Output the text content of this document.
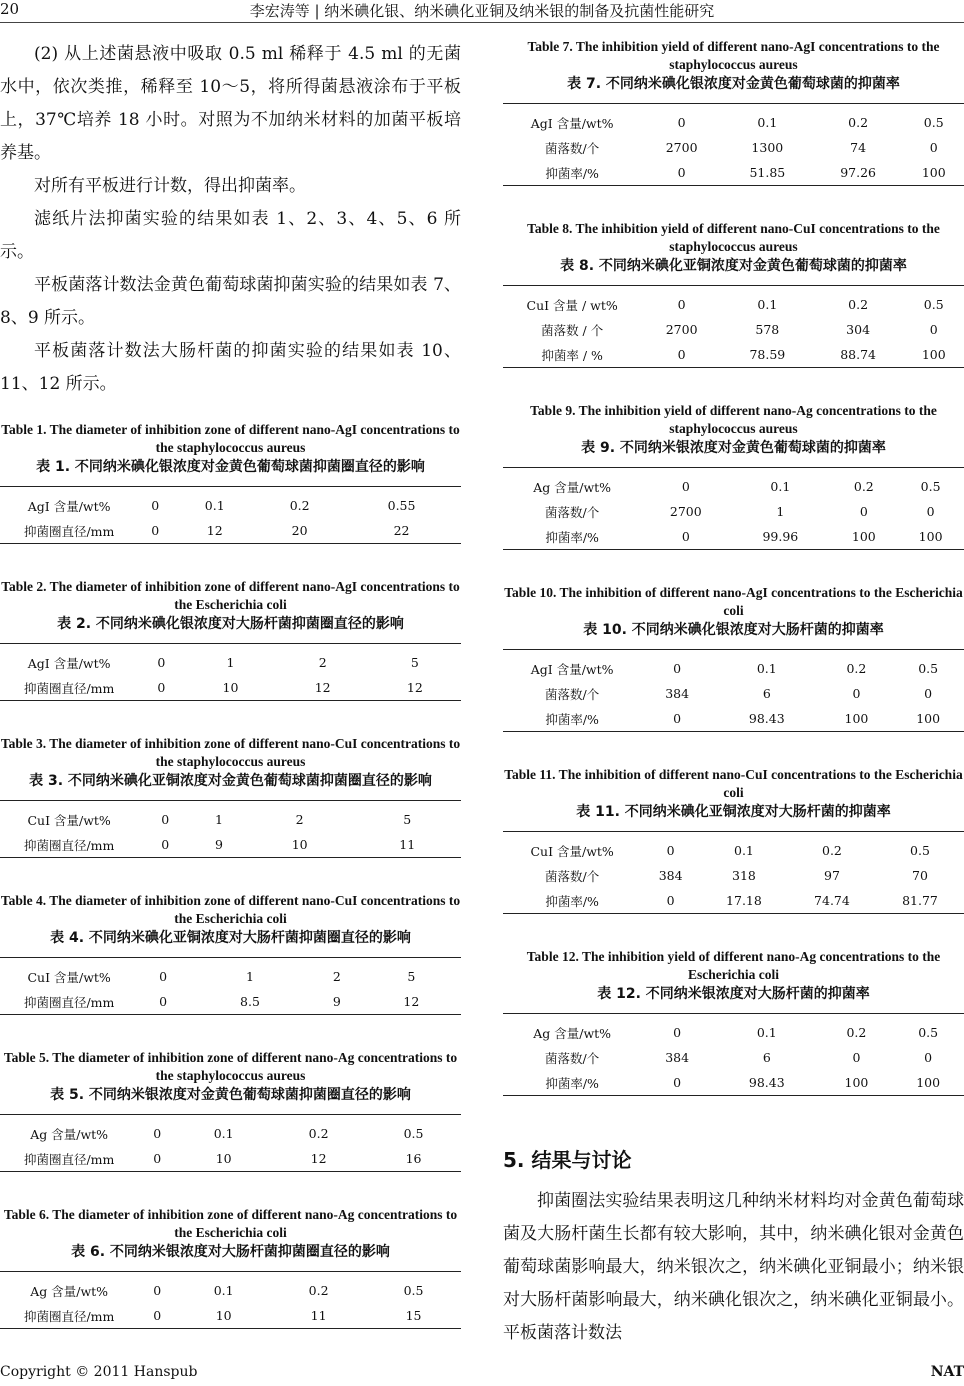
20	李宏涛等 | 纳米碘化银、纳米碘化亚铜及纳米银的制备及抗菌性能研究

(2) 从上述菌悬液中吸取 0.5 ml 稀释于 4.5 ml 的无菌水中，依次类推，稀释至 10～5，将所得菌悬液涂布于平板上，37℃培养 18 小时。对照为不加纳米材料的加菌平板培养基。

对所有平板进行计数，得出抑菌率。

滤纸片法抑菌实验的结果如表 1、2、3、4、5、6 所示。

平板菌落计数法金黄色葡萄球菌抑菌实验的结果如表 7、8、9 所示。

平板菌落计数法大肠杆菌的抑菌实验的结果如表 10、11、12 所示。

Table 1. The diameter of inhibition zone of different nano-AgI concentrations to the staphylococcus aureus
表 1. 不同纳米碘化银浓度对金黄色葡萄球菌抑菌圈直径的影响
AgI 含量/wt%	0	0.1	0.2	0.55
抑菌圈直径/mm	0	12	20	22
Table 2. The diameter of inhibition zone of different nano-AgI concentrations to the Escherichia coli
表 2. 不同纳米碘化银浓度对大肠杆菌抑菌圈直径的影响
AgI 含量/wt%	0	1	2	5
抑菌圈直径/mm	0	10	12	12
Table 3. The diameter of inhibition zone of different nano-CuI concentrations to the staphylococcus aureus
表 3. 不同纳米碘化亚铜浓度对金黄色葡萄球菌抑菌圈直径的影响
CuI 含量/wt%	0	1	2	5
抑菌圈直径/mm	0	9	10	11
Table 4. The diameter of inhibition zone of different nano-CuI concentrations to the Escherichia coli
表 4. 不同纳米碘化亚铜浓度对大肠杆菌抑菌圈直径的影响
CuI 含量/wt%	0	1	2	5
抑菌圈直径/mm	0	8.5	9	12
Table 5. The diameter of inhibition zone of different nano-Ag concentrations to the staphylococcus aureus
表 5. 不同纳米银浓度对金黄色葡萄球菌抑菌圈直径的影响
Ag 含量/wt%	0	0.1	0.2	0.5
抑菌圈直径/mm	0	10	12	16
Table 6. The diameter of inhibition zone of different nano-Ag concentrations to the Escherichia coli
表 6. 不同纳米银浓度对大肠杆菌抑菌圈直径的影响
Ag 含量/wt%	0	0.1	0.2	0.5
抑菌圈直径/mm	0	10	11	15
Table 7. The inhibition yield of different nano-AgI concentrations to the staphylococcus aureus
表 7. 不同纳米碘化银浓度对金黄色葡萄球菌的抑菌率
AgI 含量/wt%	0	0.1	0.2	0.5
菌落数/个	2700	1300	74	0
抑菌率/%	0	51.85	97.26	100
Table 8. The inhibition yield of different nano-CuI concentrations to the staphylococcus aureus
表 8. 不同纳米碘化亚铜浓度对金黄色葡萄球菌的抑菌率
CuI 含量 / wt%	0	0.1	0.2	0.5
菌落数 / 个	2700	578	304	0
抑菌率 / %	0	78.59	88.74	100
Table 9. The inhibition yield of different nano-Ag concentrations to the staphylococcus aureus
表 9. 不同纳米银浓度对金黄色葡萄球菌的抑菌率
Ag 含量/wt%	0	0.1	0.2	0.5
菌落数/个	2700	1	0	0
抑菌率/%	0	99.96	100	100
Table 10. The inhibition of different nano-AgI concentrations to the Escherichia coli
表 10. 不同纳米碘化银浓度对大肠杆菌的抑菌率
AgI 含量/wt%	0	0.1	0.2	0.5
菌落数/个	384	6	0	0
抑菌率/%	0	98.43	100	100
Table 11. The inhibition of different nano-CuI concentrations to the Escherichia coli
表 11. 不同纳米碘化亚铜浓度对大肠杆菌的抑菌率
CuI 含量/wt%	0	0.1	0.2	0.5
菌落数/个	384	318	97	70
抑菌率/%	0	17.18	74.74	81.77
Table 12. The inhibition yield of different nano-Ag concentrations to the Escherichia coli
表 12. 不同纳米银浓度对大肠杆菌的抑菌率
Ag 含量/wt%	0	0.1	0.2	0.5
菌落数/个	384	6	0	0
抑菌率/%	0	98.43	100	100
5. 结果与讨论

抑菌圈法实验结果表明这几种纳米材料均对金黄色葡萄球菌及大肠杆菌生长都有较大影响，其中，纳米碘化银对金黄色葡萄球菌影响最大，纳米银次之，纳米碘化亚铜最小；纳米银对大肠杆菌影响最大，纳米碘化银次之，纳米碘化亚铜最小。平板菌落计数法

Copyright © 2011 Hanspub	NAT
